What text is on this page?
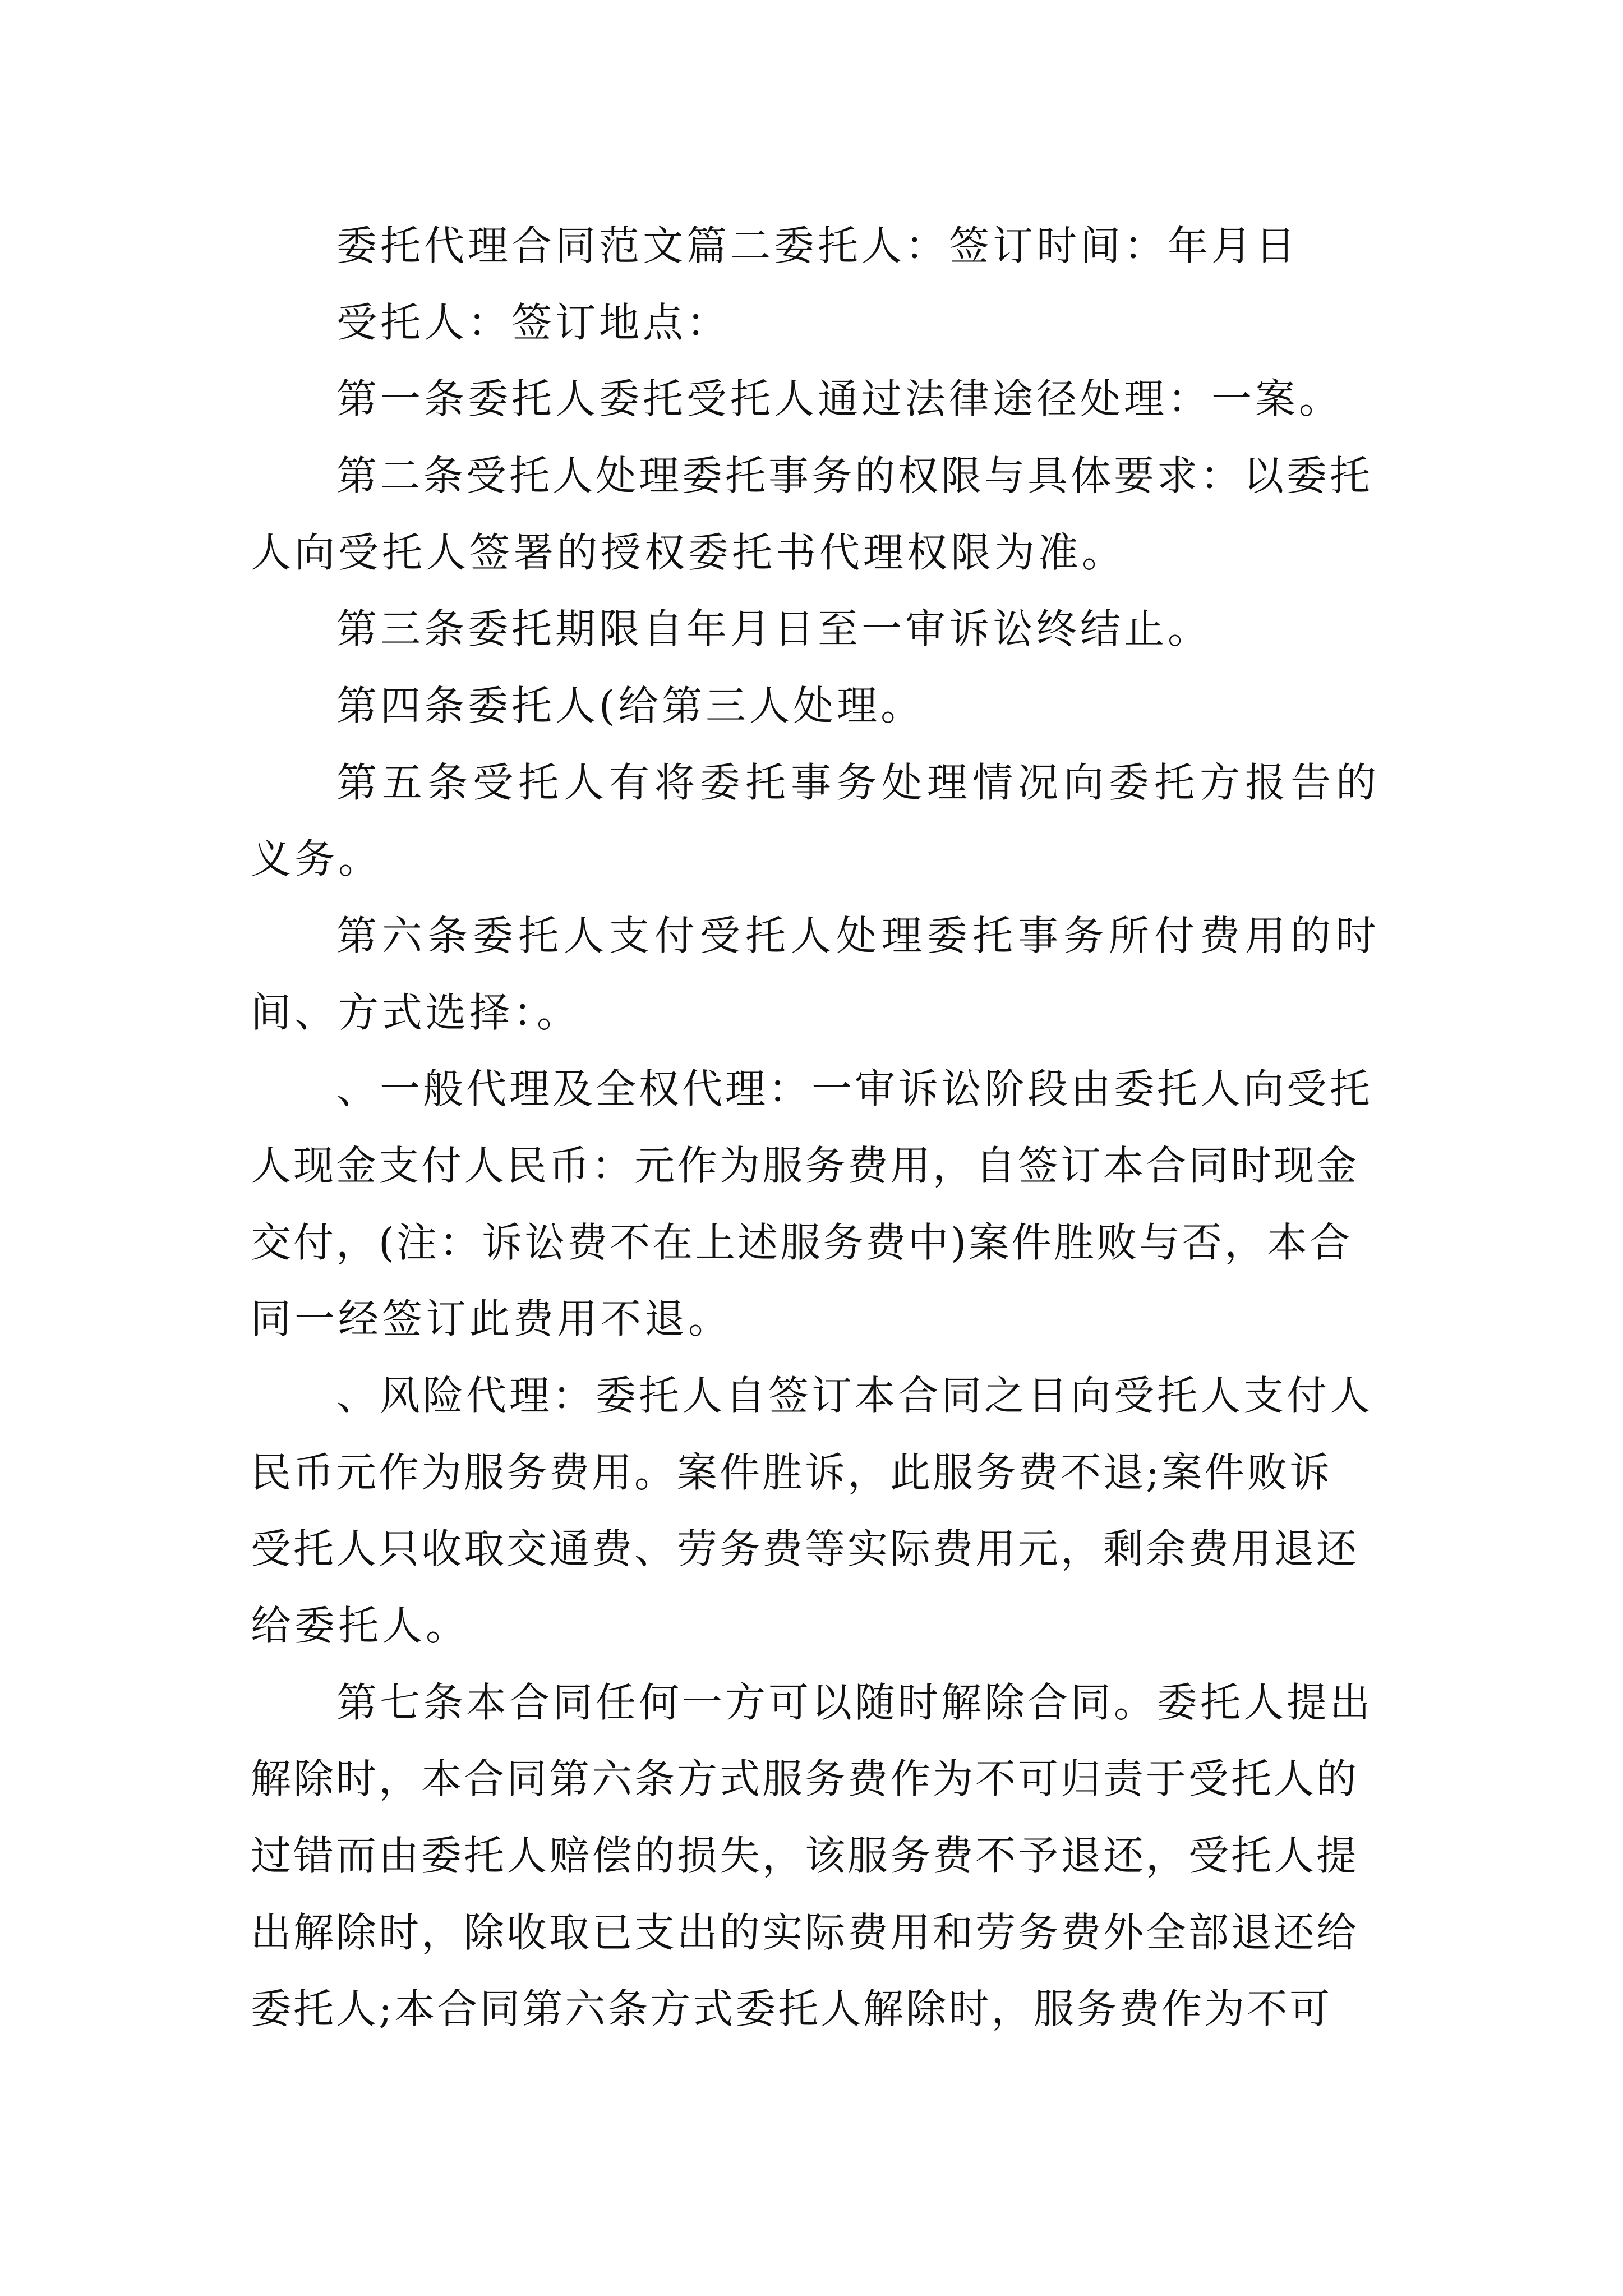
委托代理合同范文篇二委托人：签订时间：年月日

受托人：签订地点：

第一条委托人委托受托人通过法律途径处理：一案。

第二条受托人处理委托事务的权限与具体要求：以委托

人向受托人签署的授权委托书代理权限为准。

第三条委托期限自年月日至一审诉讼终结止。

第四条委托人(给第三人处理。

第五条受托人有将委托事务处理情况向委托方报告的

义务。

第六条委托人支付受托人处理委托事务所付费用的时

间、方式选择：。

、一般代理及全权代理：一审诉讼阶段由委托人向受托

人现金支付人民币：元作为服务费用，自签订本合同时现金

交付，(注：诉讼费不在上述服务费中)案件胜败与否，本合

同一经签订此费用不退。

、风险代理：委托人自签订本合同之日向受托人支付人

民币元作为服务费用。案件胜诉，此服务费不退;案件败诉

受托人只收取交通费、劳务费等实际费用元，剩余费用退还

给委托人。

第七条本合同任何一方可以随时解除合同。委托人提出

解除时，本合同第六条方式服务费作为不可归责于受托人的

过错而由委托人赔偿的损失，该服务费不予退还，受托人提

出解除时，除收取已支出的实际费用和劳务费外全部退还给

委托人;本合同第六条方式委托人解除时，服务费作为不可
